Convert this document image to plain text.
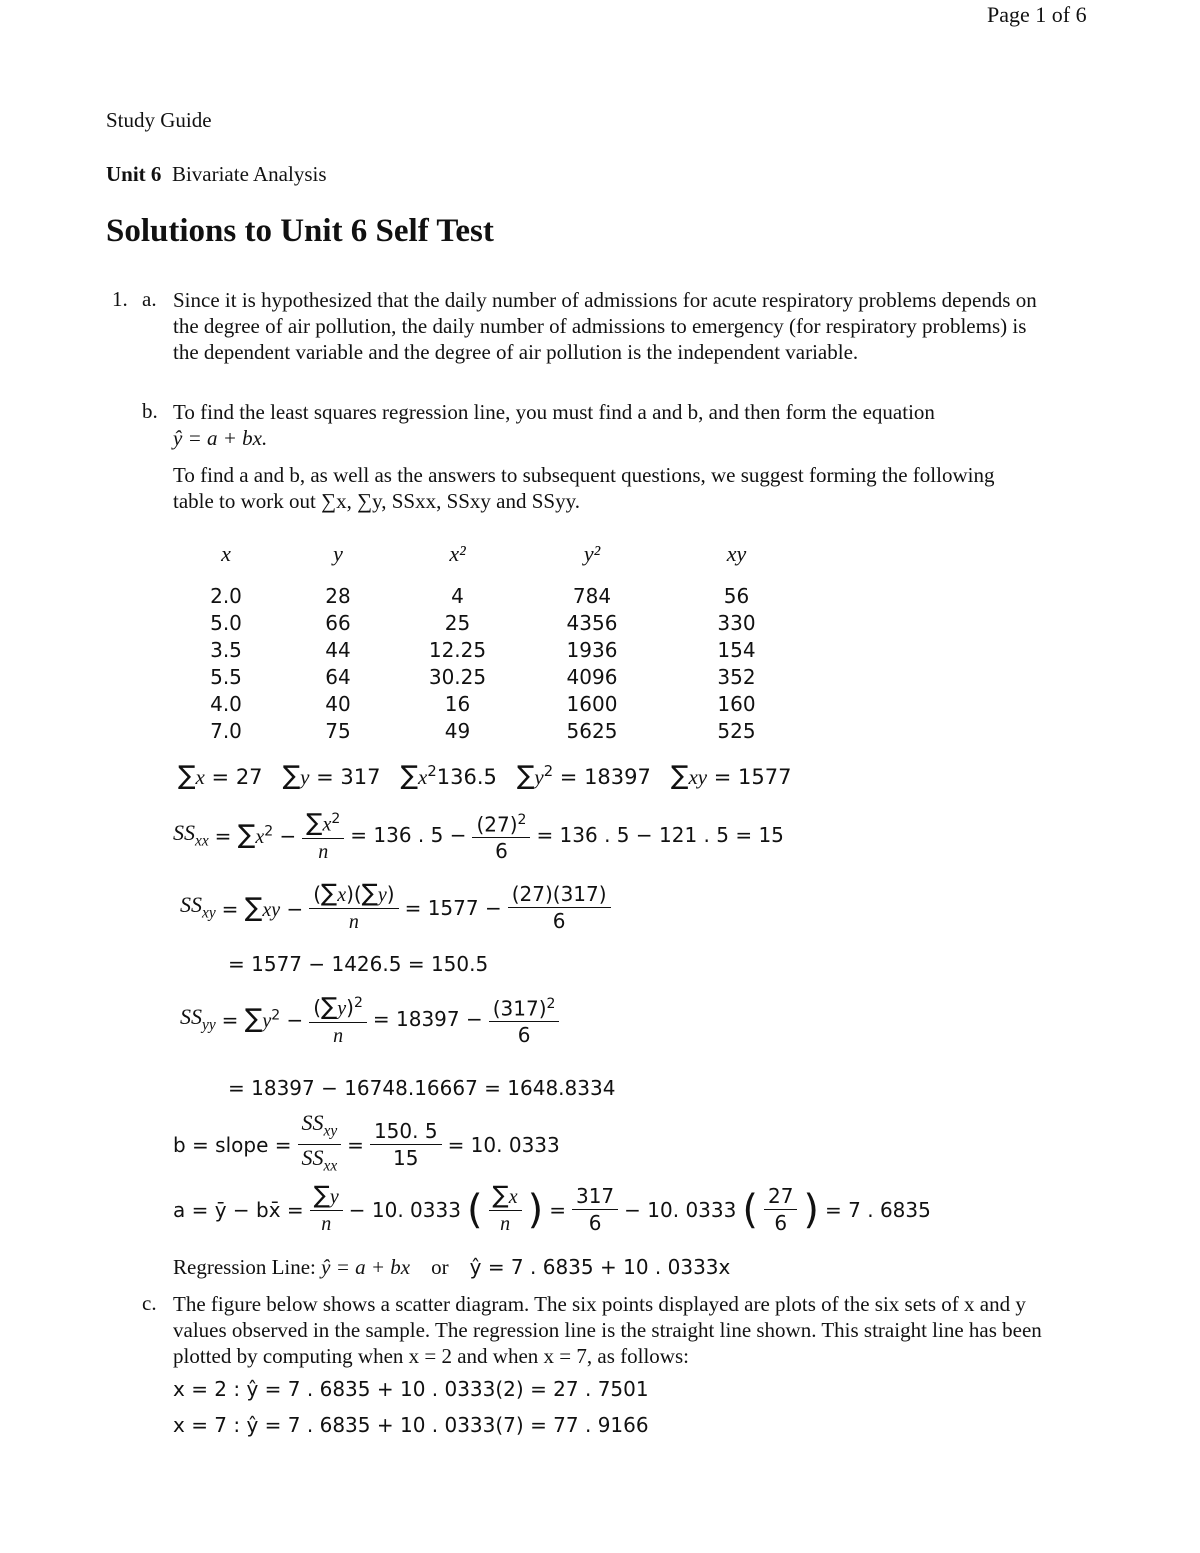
Page 1 of 6
Study Guide
Unit 6 Bivariate Analysis
Solutions to Unit 6 Self Test
1. a. Since it is hypothesized that the daily number of admissions for acute respiratory problems depends on the degree of air pollution, the daily number of admissions to emergency (for respiratory problems) is the dependent variable and the degree of air pollution is the independent variable.
b. To find the least squares regression line, you must find a and b, and then form the equation
ŷ = a + bx.
To find a and b, as well as the answers to subsequent questions, we suggest forming the following table to work out ∑x, ∑y, SSxx, SSxy and SSyy.
x	y	x²	y²	xy
2.0	28	4	784	56
5.0	66	25	4356	330
3.5	44	12.25	1936	154
5.5	64	30.25	4096	352
4.0	40	16	1600	160
7.0	75	49	5625	525
∑x = 27 ∑y = 317 $\sum x^2136.5$ $\sum y^2 = 18397$ ∑xy = 1577
$SS_{xx} = \sum x^2 - \frac{\sum x^2}{n} = 136$ . $5 - \frac{(27)^2}{6} = 136$ . 5 − 121 . 5 = 15
$SS_{xy} = \sum xy - \frac{(\sum x)(\sum y)}{n} = 1577 - \frac{(27)(317)}{6}$
= 1577 − 1426.5 = 150.5
$SS_{yy} = \sum y^2 - \frac{(\sum y)^2}{n} = 18397 - \frac{(317)^2}{6}$
= 18397 − 16748.16667 = 1648.8334
b = slope = $\frac{SS_{xy}}{SS_{xx}} = \frac{150. 5}{15} = 10$. 0333
a = ȳ − bx̄ = $\frac{\sum y}{n} - 10$. 0333 ( $\frac{\sum x}{n}$ ) = $\frac{317}{6} - 10$. 0333 ( $\frac{27}{6}$ ) = 7 . 6835
Regression Line: ŷ = a + bx or ŷ = 7 . 6835 + 10 . 0333x
c. The figure below shows a scatter diagram. The six points displayed are plots of the six sets of x and y values observed in the sample. The regression line is the straight line shown. This straight line has been plotted by computing when x = 2 and when x = 7, as follows:
x = 2 : ŷ = 7 . 6835 + 10 . 0333(2) = 27 . 7501
x = 7 : ŷ = 7 . 6835 + 10 . 0333(7) = 77 . 9166
